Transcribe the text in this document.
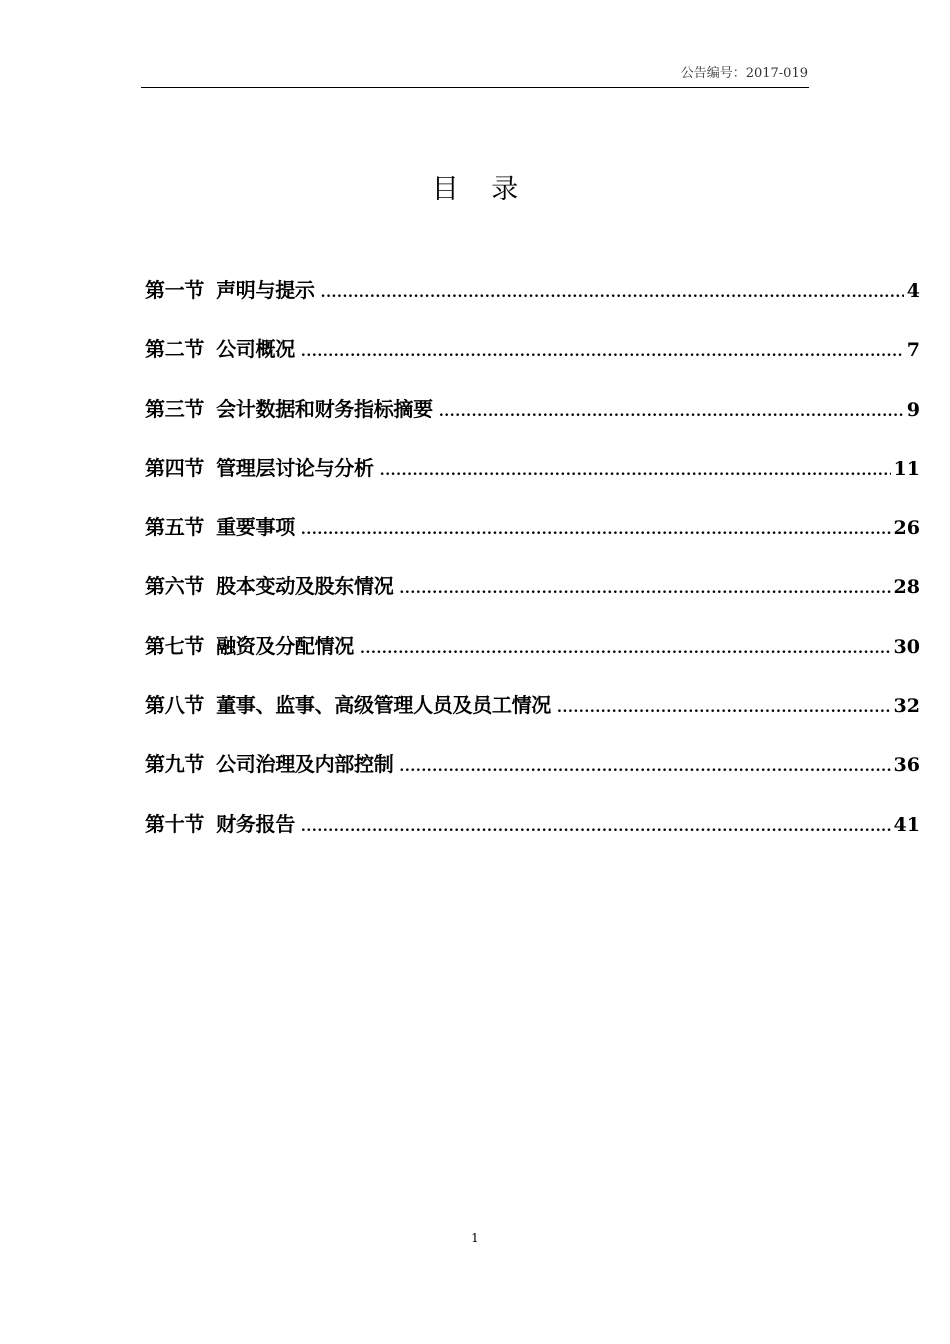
公告编号：2017-019
目 录
第一节 声明与提示 .....	4
第二节 公司概况 .....	7
第三节 会计数据和财务指标摘要 .....	9
第四节 管理层讨论与分析 .....	11
第五节 重要事项 .....	26
第六节 股本变动及股东情况 .....	28
第七节 融资及分配情况 .....	30
第八节 董事、监事、高级管理人员及员工情况 .....	32
第九节 公司治理及内部控制 .....	36
第十节 财务报告 .....	41
1
